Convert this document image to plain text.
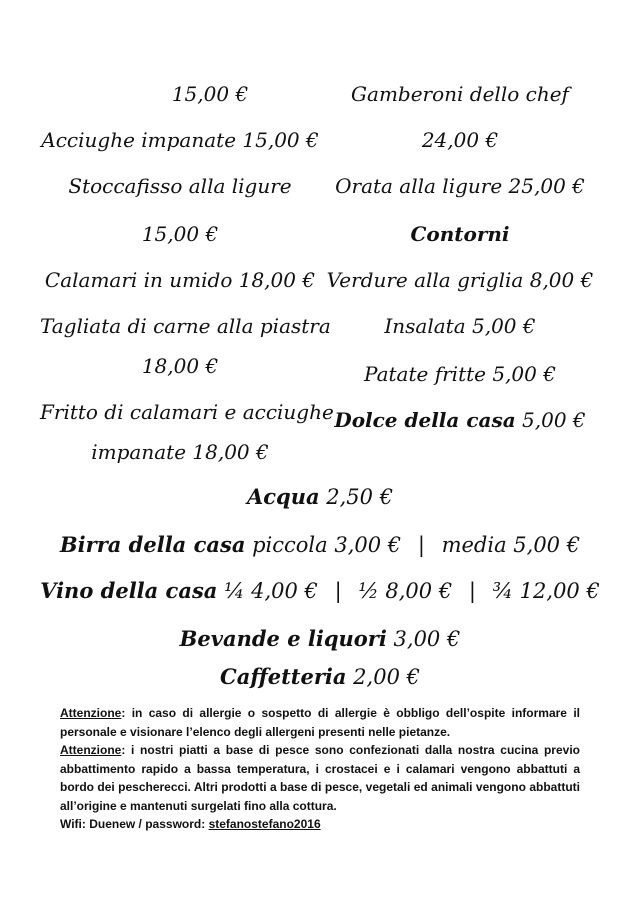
15,00 €
Acciughe impanate 15,00 €
Stoccafisso alla ligure
15,00 €
Calamari in umido 18,00 €
Tagliata di carne alla piastra
18,00 €
Fritto di calamari e acciughe
impanate 18,00 €
Gamberoni dello chef
24,00 €
Orata alla ligure 25,00 €
Contorni
Verdure alla griglia 8,00 €
Insalata 5,00 €
Patate fritte 5,00 €
Dolce della casa 5,00 €
Acqua 2,50 €
Birra della casa piccola 3,00 € | media 5,00 €
Vino della casa ¼ 4,00 € | ½ 8,00 € | ¾ 12,00 €
Bevande e liquori 3,00 €
Caffetteria 2,00 €

Attenzione: in caso di allergie o sospetto di allergie è obbligo dell’ospite informare il personale e visionare l’elenco degli allergeni presenti nelle pietanze.

Attenzione: i nostri piatti a base di pesce sono confezionati dalla nostra cucina previo abbattimento rapido a bassa temperatura, i crostacei e i calamari vengono abbattuti a bordo dei pescherecci. Altri prodotti a base di pesce, vegetali ed animali vengono abbattuti all’origine e mantenuti surgelati fino alla cottura.

Wifi: Duenew / password: stefanostefano2016
